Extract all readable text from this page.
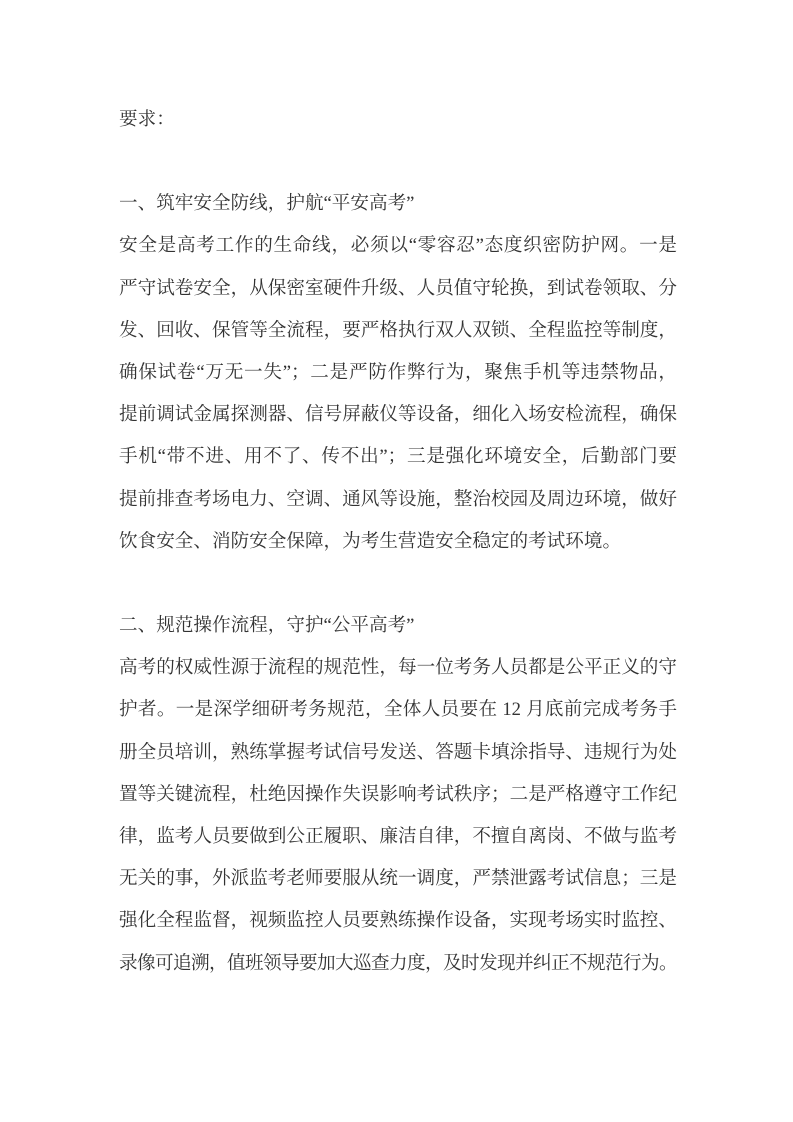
要求：
一、筑牢安全防线，护航“平安高考”
安全是高考工作的生命线，必须以“零容忍”态度织密防护网。一是
严守试卷安全，从保密室硬件升级、人员值守轮换，到试卷领取、分
发、回收、保管等全流程，要严格执行双人双锁、全程监控等制度，
确保试卷“万无一失”；二是严防作弊行为，聚焦手机等违禁物品，
提前调试金属探测器、信号屏蔽仪等设备，细化入场安检流程，确保
手机“带不进、用不了、传不出”；三是强化环境安全，后勤部门要
提前排查考场电力、空调、通风等设施，整治校园及周边环境，做好
饮食安全、消防安全保障，为考生营造安全稳定的考试环境。
二、规范操作流程，守护“公平高考”
高考的权威性源于流程的规范性，每一位考务人员都是公平正义的守
护者。一是深学细研考务规范，全体人员要在 12 月底前完成考务手
册全员培训，熟练掌握考试信号发送、答题卡填涂指导、违规行为处
置等关键流程，杜绝因操作失误影响考试秩序；二是严格遵守工作纪
律，监考人员要做到公正履职、廉洁自律，不擅自离岗、不做与监考
无关的事，外派监考老师要服从统一调度，严禁泄露考试信息；三是
强化全程监督，视频监控人员要熟练操作设备，实现考场实时监控、
录像可追溯，值班领导要加大巡查力度，及时发现并纠正不规范行为。
